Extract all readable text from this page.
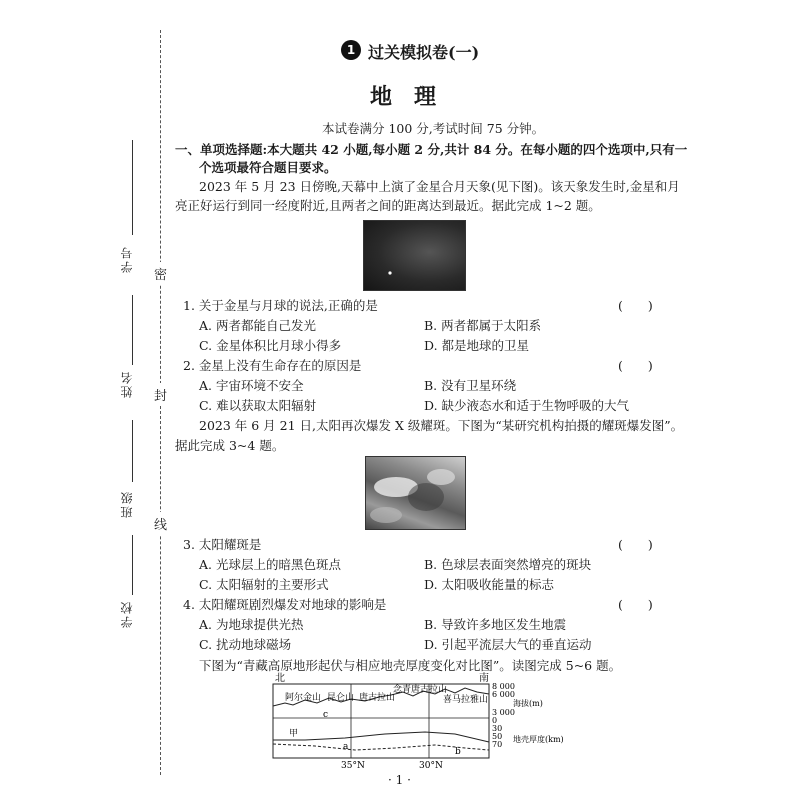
密
封
线
学号
姓名
班级
学校
1 过关模拟卷(一)
地理
本试卷满分 100 分,考试时间 75 分钟。
一、单项选择题:本大题共 42 小题,每小题 2 分,共计 84 分。在每小题的四个选项中,只有一
个选项最符合题目要求。
2023 年 5 月 23 日傍晚,天幕中上演了金星合月天象(见下图)。该天象发生时,金星和月
亮正好运行到同一经度附近,且两者之间的距离达到最近。据此完成 1~2 题。
1. 关于金星与月球的说法,正确的是	(　　)
A. 两者都能自己发光	B. 两者都属于太阳系
C. 金星体积比月球小得多	D. 都是地球的卫星
2. 金星上没有生命存在的原因是	(　　)
A. 宇宙环境不安全	B. 没有卫星环绕
C. 难以获取太阳辐射	D. 缺少液态水和适于生物呼吸的大气
2023 年 6 月 21 日,太阳再次爆发 X 级耀斑。下图为“某研究机构拍摄的耀斑爆发图”。
据此完成 3~4 题。
3. 太阳耀斑是	(　　)
A. 光球层上的暗黑色斑点	B. 色球层表面突然增亮的斑块
C. 太阳辐射的主要形式	D. 太阳吸收能量的标志
4. 太阳耀斑剧烈爆发对地球的影响是	(　　)
A. 为地球提供光热	B. 导致许多地区发生地震
C. 扰动地球磁场	D. 引起平流层大气的垂直运动
下图为“青藏高原地形起伏与相应地壳厚度变化对比图”。读图完成 5~6 题。
北	南
阿尔金山 昆仑山 唐古拉山
念青唐古拉山
喜马拉雅山
c
甲
a	b
8 000
6 000
3 000
0
30
50
70
海拔(m)
地壳厚度(km)
35°N	30°N
· 1 ·
